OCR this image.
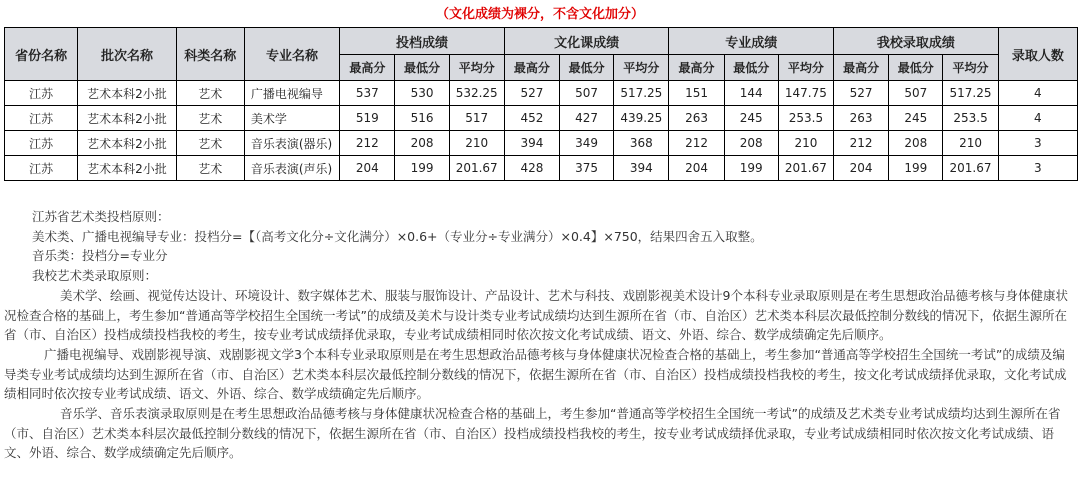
（文化成绩为裸分，不含文化加分）
省份名称	批次名称	科类名称	专业名称	投档成绩			文化课成绩			专业成绩			我校录取成绩			录取人数
				最高分	最低分	平均分	最高分	最低分	平均分	最高分	最低分	平均分	最高分	最低分	平均分	
江苏	艺术本科2小批	艺术	广播电视编导	537	530	532.25	527	507	517.25	151	144	147.75	527	507	517.25	4
江苏	艺术本科2小批	艺术	美术学	519	516	517	452	427	439.25	263	245	253.5	263	245	253.5	4
江苏	艺术本科2小批	艺术	音乐表演(器乐)	212	208	210	394	349	368	212	208	210	212	208	210	3
江苏	艺术本科2小批	艺术	音乐表演(声乐)	204	199	201.67	428	375	394	204	199	201.67	204	199	201.67	3

江苏省艺术类投档原则：

美术类、广播电视编导专业：投档分=【（高考文化分÷文化满分）×0.6+（专业分÷专业满分）×0.4】×750，结果四舍五入取整。

音乐类：投档分=专业分

我校艺术类录取原则：

美术学、绘画、视觉传达设计、环境设计、数字媒体艺术、服装与服饰设计、产品设计、艺术与科技、戏剧影视美术设计9个本科专业录取原则是在考生思想政治品德考核与身体健康状况检查合格的基础上，考生参加“普通高等学校招生全国统一考试”的成绩及美术与设计类专业考试成绩均达到生源所在省（市、自治区）艺术类本科层次最低控制分数线的情况下，依据生源所在省（市、自治区）投档成绩投档我校的考生，按专业考试成绩择优录取，专业考试成绩相同时依次按文化考试成绩、语文、外语、综合、数学成绩确定先后顺序。

广播电视编导、戏剧影视导演、戏剧影视文学3个本科专业录取原则是在考生思想政治品德考核与身体健康状况检查合格的基础上，考生参加“普通高等学校招生全国统一考试”的成绩及编导类专业考试成绩均达到生源所在省（市、自治区）艺术类本科层次最低控制分数线的情况下，依据生源所在省（市、自治区）投档成绩投档我校的考生，按文化考试成绩择优录取，文化考试成绩相同时依次按专业考试成绩、语文、外语、综合、数学成绩确定先后顺序。

音乐学、音乐表演录取原则是在考生思想政治品德考核与身体健康状况检查合格的基础上，考生参加“普通高等学校招生全国统一考试”的成绩及艺术类专业考试成绩均达到生源所在省（市、自治区）艺术类本科层次最低控制分数线的情况下，依据生源所在省（市、自治区）投档成绩投档我校的考生，按专业考试成绩择优录取，专业考试成绩相同时依次按文化考试成绩、语文、外语、综合、数学成绩确定先后顺序。
